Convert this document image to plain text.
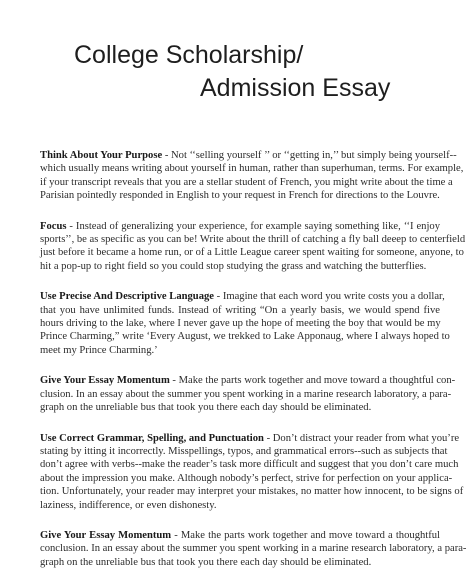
College Scholarship/
Admission Essay
Think About Your Purpose - Not ‘‘selling yourself ’’ or ‘‘getting in,’’ but simply being yourself--
which usually means writing about yourself in human, rather than superhuman, terms. For example,
if your transcript reveals that you are a stellar student of French, you might write about the time a
Parisian pointedly responded in English to your request in French for directions to the Louvre.
Focus - Instead of generalizing your experience, for example saying something like, ‘‘I enjoy
sports’’, be as specific as you can be! Write about the thrill of catching a fly ball deeep to centerfield
just before it became a home run, or of a Little League career spent waiting for someone, anyone, to
hit a pop-up to right field so you could stop studying the grass and watching the butterflies.
Use Precise And Descriptive Language - Imagine that each word you write costs you a dollar,
that you have unlimited funds. Instead of writing “On a yearly basis, we would spend five
hours driving to the lake, where I never gave up the hope of meeting the boy that would be my
Prince Charming,” write ‘Every August, we trekked to Lake Apponaug, where I always hoped to
meet my Prince Charming.’
Give Your Essay Momentum - Make the parts work together and move toward a thoughtful con-
clusion. In an essay about the summer you spent working in a marine research laboratory, a para-
graph on the unreliable bus that took you there each day should be eliminated.
Use Correct Grammar, Spelling, and Punctuation - Don’t distract your reader from what you’re
stating by itting it incorrectly. Misspellings, typos, and grammatical errors--such as subjects that
don’t agree with verbs--make the reader’s task more difficult and suggest that you don’t care much
about the impression you make. Although nobody’s perfect, strive for perfection on your applica-
tion. Unfortunately, your reader may interpret your mistakes, no matter how innocent, to be signs of
laziness, indifference, or even dishonesty.
Give Your Essay Momentum - Make the parts work together and move toward a thoughtful
conclusion. In an essay about the summer you spent working in a marine research laboratory, a para-
graph on the unreliable bus that took you there each day should be eliminated.
